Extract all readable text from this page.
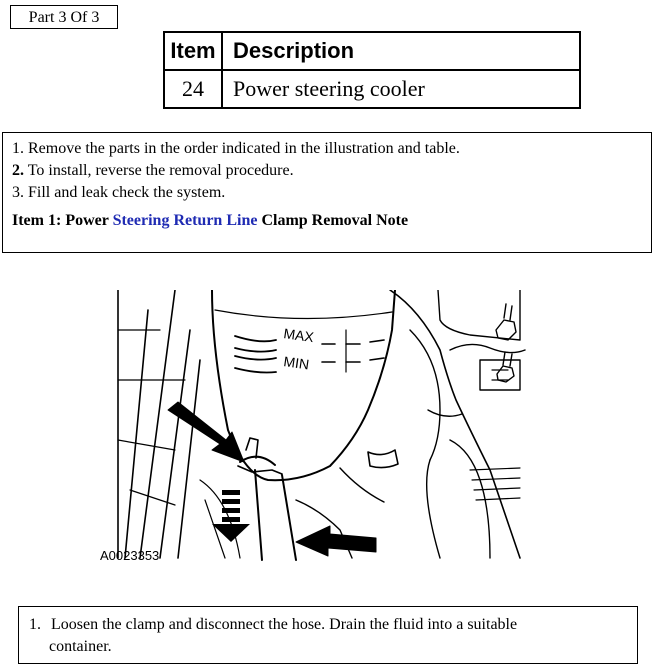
Part 3 Of 3
Item	Description
24	Power steering cooler
1. Remove the parts in the order indicated in the illustration and table.
2. To install, reverse the removal procedure.
3. Fill and leak check the system.
Item 1: Power Steering Return Line Clamp Removal Note
MAX
MIN
A0023353
1. Loosen the clamp and disconnect the hose. Drain the fluid into a suitable
container.
